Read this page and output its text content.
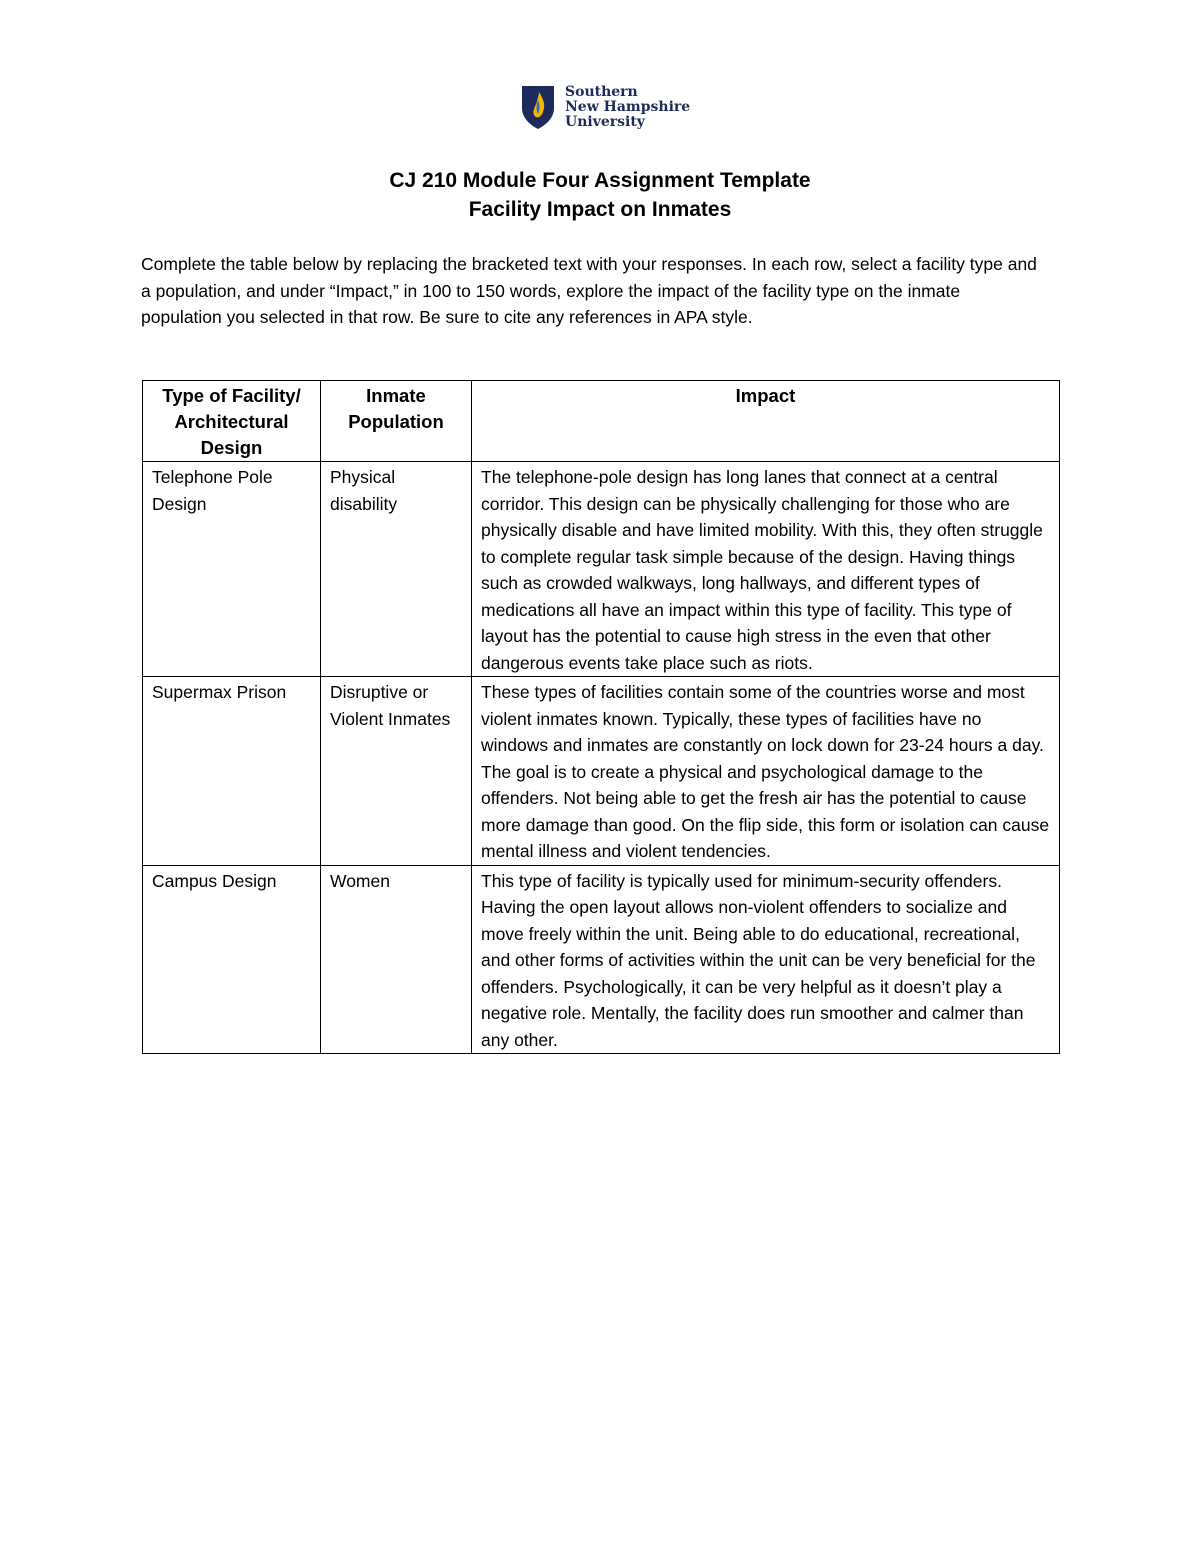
Southern
New Hampshire
University
CJ 210 Module Four Assignment Template
Facility Impact on Inmates
Complete the table below by replacing the bracketed text with your responses. In each row, select a facility type and a population, and under “Impact,” in 100 to 150 words, explore the impact of the facility type on the inmate population you selected in that row. Be sure to cite any references in APA style.
Type of Facility/ Architectural Design	Inmate Population	Impact
Telephone Pole Design	Physical disability	The telephone-pole design has long lanes that connect at a central corridor. This design can be physically challenging for those who are physically disable and have limited mobility. With this, they often struggle to complete regular task simple because of the design. Having things such as crowded walkways, long hallways, and different types of medications all have an impact within this type of facility. This type of layout has the potential to cause high stress in the even that other dangerous events take place such as riots.
Supermax Prison	Disruptive or Violent Inmates	These types of facilities contain some of the countries worse and most violent inmates known. Typically, these types of facilities have no windows and inmates are constantly on lock down for 23-24 hours a day. The goal is to create a physical and psychological damage to the offenders. Not being able to get the fresh air has the potential to cause more damage than good. On the flip side, this form or isolation can cause mental illness and violent tendencies.
Campus Design	Women	This type of facility is typically used for minimum-security offenders. Having the open layout allows non-violent offenders to socialize and move freely within the unit. Being able to do educational, recreational, and other forms of activities within the unit can be very beneficial for the offenders. Psychologically, it can be very helpful as it doesn’t play a negative role. Mentally, the facility does run smoother and calmer than any other.
